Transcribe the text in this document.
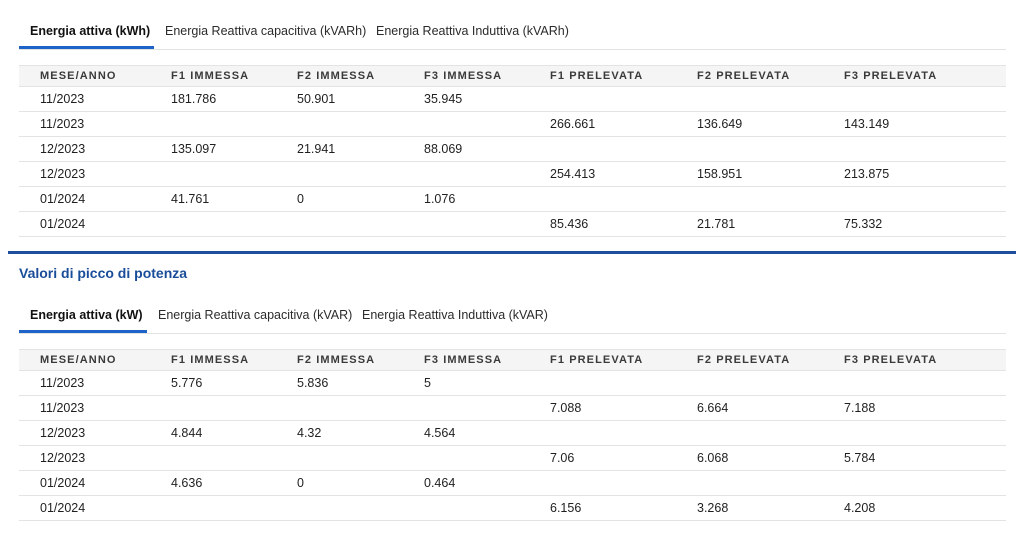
Energia attiva (kWh)	Energia Reattiva capacitiva (kVARh) Energia Reattiva Induttiva (kVARh)
MESE/ANNO	F1 IMMESSA	F2 IMMESSA	F3 IMMESSA	F1 PRELEVATA	F2 PRELEVATA	F3 PRELEVATA
11/2023	181.786	50.901	35.945			
11/2023				266.661	136.649	143.149
12/2023	135.097	21.941	88.069			
12/2023				254.413	158.951	213.875
01/2024	41.761	0	1.076			
01/2024				85.436	21.781	75.332
Valori di picco di potenza
Energia attiva (kW)	Energia Reattiva capacitiva (kVAR) Energia Reattiva Induttiva (kVAR)
MESE/ANNO	F1 IMMESSA	F2 IMMESSA	F3 IMMESSA	F1 PRELEVATA	F2 PRELEVATA	F3 PRELEVATA
11/2023	5.776	5.836	5			
11/2023				7.088	6.664	7.188
12/2023	4.844	4.32	4.564			
12/2023				7.06	6.068	5.784
01/2024	4.636	0	0.464			
01/2024				6.156	3.268	4.208
